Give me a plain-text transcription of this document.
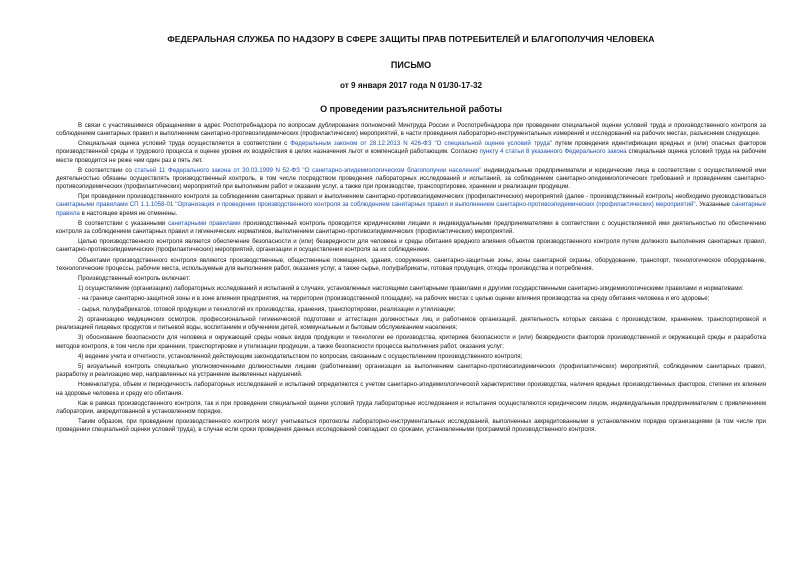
ФЕДЕРАЛЬНАЯ СЛУЖБА ПО НАДЗОРУ В СФЕРЕ ЗАЩИТЫ ПРАВ ПОТРЕБИТЕЛЕЙ И БЛАГОПОЛУЧИЯ ЧЕЛОВЕКА
ПИСЬМО
от 9 января 2017 года N 01/30-17-32
О проведении разъяснительной работы

В связи с участившимися обращениями в адрес Роспотребнадзора по вопросам дублирования полномочий Минтруда России и Роспотребнадзора при проведении специальной оценки условий труда и производственного контроля за соблюдением санитарных правил и выполнением санитарно-противоэпидемических (профилактических) мероприятий, в части проведения лабораторно-инструментальных измерений и исследований на рабочих местах, разъясняем следующее.

Специальная оценка условий труда осуществляется в соответствии с Федеральным законом от 28.12.2013 N 426-ФЗ "О специальной оценке условий труда" путем проведения идентификации вредных и (или) опасных факторов производственной среды и трудового процесса и оценке уровня их воздействия в целях назначения льгот и компенсаций работающим. Согласно пункту 4 статьи 8 указанного Федерального закона специальная оценка условий труда на рабочем месте проводится не реже чем один раз в пять лет.

В соответствии со статьей 11 Федерального закона от 30.03.1999 N 52-ФЗ "О санитарно-эпидемиологическом благополучии населения" индивидуальные предприниматели и юридические лица в соответствии с осуществляемой ими деятельностью обязаны осуществлять производственный контроль, в том числе посредством проведения лабораторных исследований и испытаний, за соблюдением санитарно-эпидемиологических требований и проведением санитарно-противоэпидемических (профилактических) мероприятий при выполнении работ и оказании услуг, а также при производстве, транспортировке, хранении и реализации продукции.

При проведении производственного контроля за соблюдением санитарных правил и выполнением санитарно-противоэпидемических (профилактических) мероприятий (далее - производственный контроль) необходимо руководствоваться санитарными правилами СП 1.1.1058-01 "Организация и проведение производственного контроля за соблюдением санитарных правил и выполнением санитарно-противоэпидемических (профилактических) мероприятий". Указанные санитарные правила в настоящее время не отменены.

В соответствии с указанными санитарными правилами производственный контроль проводится юридическими лицами и индивидуальными предпринимателями в соответствии с осуществляемой ими деятельностью по обеспечению контроля за соблюдением санитарных правил и гигиенических нормативов, выполнением санитарно-противоэпидемических (профилактических) мероприятий.

Целью производственного контроля является обеспечение безопасности и (или) безвредности для человека и среды обитания вредного влияния объектов производственного контроля путем должного выполнения санитарных правил, санитарно-противоэпидемических (профилактических) мероприятий, организации и осуществления контроля за их соблюдением.

Объектами производственного контроля являются производственные, общественные помещения, здания, сооружения, санитарно-защитные зоны, зоны санитарной охраны, оборудование, транспорт, технологическое оборудование, технологические процессы, рабочие места, используемые для выполнения работ, оказания услуг, а также сырье, полуфабрикаты, готовая продукция, отходы производства и потребления.

Производственный контроль включает:

1) осуществление (организацию) лабораторных исследований и испытаний в случаях, установленных настоящими санитарными правилами и другими государственными санитарно-эпидемиологическими правилами и нормативами:

- на границе санитарно-защитной зоны и в зоне влияния предприятия, на территории (производственной площадке), на рабочих местах с целью оценки влияния производства на среду обитания человека и его здоровье;

- сырья, полуфабрикатов, готовой продукции и технологий их производства, хранения, транспортировки, реализации и утилизации;

2) организацию медицинских осмотров, профессиональной гигиенической подготовки и аттестации должностных лиц и работников организаций, деятельность которых связана с производством, хранением, транспортировкой и реализацией пищевых продуктов и питьевой воды, воспитанием и обучением детей, коммунальным и бытовым обслуживанием населения;

3) обоснование безопасности для человека и окружающей среды новых видов продукции и технологии ее производства, критериев безопасности и (или) безвредности факторов производственной и окружающей среды и разработка методов контроля, в том числе при хранении, транспортировке и утилизации продукции, а также безопасности процесса выполнения работ, оказания услуг;

4) ведение учета и отчетности, установленной действующим законодательством по вопросам, связанным с осуществлением производственного контроля;

5) визуальный контроль специально уполномоченными должностными лицами (работниками) организации за выполнением санитарно-противоэпидемических (профилактических) мероприятий, соблюдением санитарных правил, разработку и реализацию мер, направленных на устранение выявленных нарушений.

Номенклатура, объем и периодичность лабораторных исследований и испытаний определяются с учетом санитарно-эпидемиологической характеристики производства, наличия вредных производственных факторов, степени их влияния на здоровье человека и среду его обитания.

Как в рамках производственного контроля, так и при проведении специальной оценки условий труда лабораторные исследования и испытания осуществляются юридическим лицом, индивидуальным предпринимателем с привлечением лаборатории, аккредитованной в установленном порядке.

Таким образом, при проведении производственного контроля могут учитываться протоколы лабораторно-инструментальных исследований, выполненных аккредитованными в установленном порядке организациями (в том числе при проведении специальной оценки условий труда), в случае если сроки проведения данных исследований совпадают со сроками, установленными программой производственного контроля.
